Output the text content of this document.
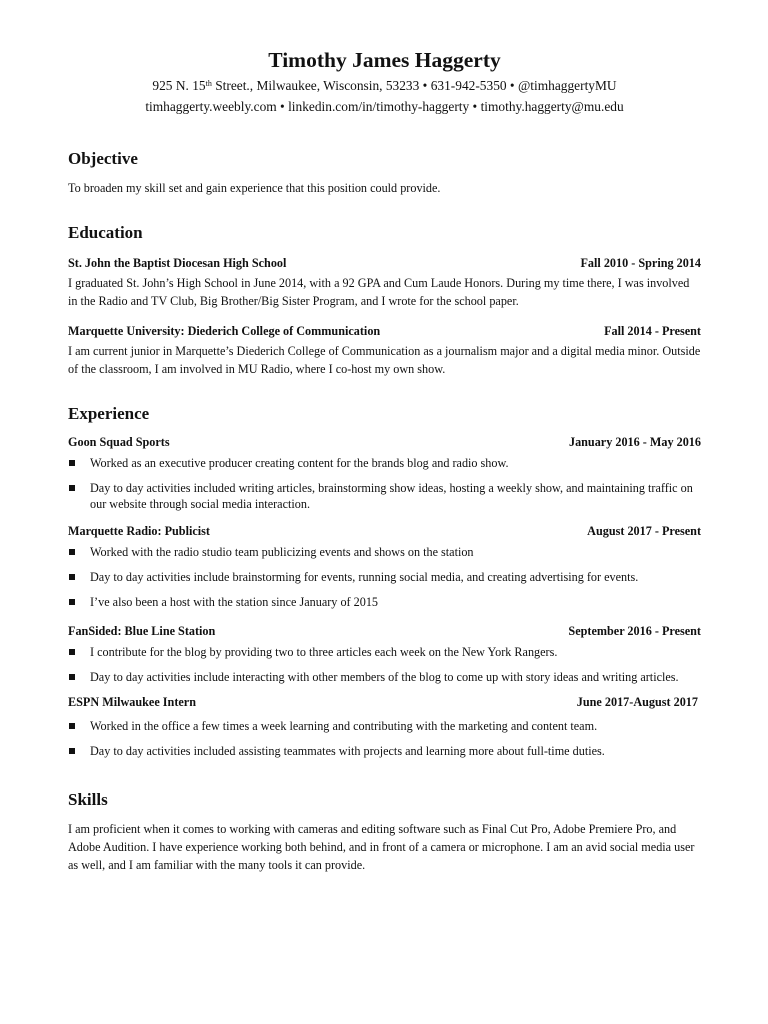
Timothy James Haggerty
925 N. 15th Street., Milwaukee, Wisconsin, 53233 • 631-942-5350 • @timhaggertyMU
timhaggerty.weebly.com • linkedin.com/in/timothy-haggerty • timothy.haggerty@mu.edu
Objective
To broaden my skill set and gain experience that this position could provide.
Education
St. John the Baptist Diocesan High School	Fall 2010 - Spring 2014
I graduated St. John’s High School in June 2014, with a 92 GPA and Cum Laude Honors. During my time there, I was involved in the Radio and TV Club, Big Brother/Big Sister Program, and I wrote for the school paper.
Marquette University: Diederich College of Communication	Fall 2014 - Present
I am current junior in Marquette’s Diederich College of Communication as a journalism major and a digital media minor. Outside of the classroom, I am involved in MU Radio, where I co-host my own show.
Experience
Goon Squad Sports	January 2016 - May 2016
Worked as an executive producer creating content for the brands blog and radio show.
Day to day activities included writing articles, brainstorming show ideas, hosting a weekly show, and maintaining traffic on our website through social media interaction.
Marquette Radio: Publicist	August 2017 - Present
Worked with the radio studio team publicizing events and shows on the station
Day to day activities include brainstorming for events, running social media, and creating advertising for events.
I’ve also been a host with the station since January of 2015
FanSided: Blue Line Station	September 2016 - Present
I contribute for the blog by providing two to three articles each week on the New York Rangers.
Day to day activities include interacting with other members of the blog to come up with story ideas and writing articles.
ESPN Milwaukee Intern	June 2017-August 2017
Worked in the office a few times a week learning and contributing with the marketing and content team.
Day to day activities included assisting teammates with projects and learning more about full-time duties.
Skills
I am proficient when it comes to working with cameras and editing software such as Final Cut Pro, Adobe Premiere Pro, and Adobe Audition. I have experience working both behind, and in front of a camera or microphone. I am an avid social media user as well, and I am familiar with the many tools it can provide.
